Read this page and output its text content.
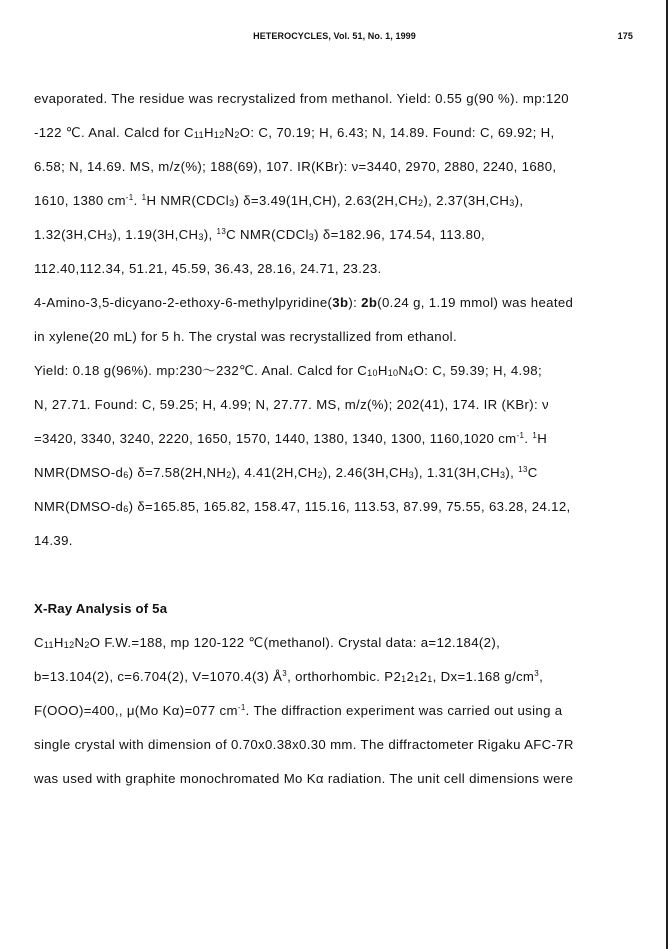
HETEROCYCLES, Vol. 51, No. 1, 1999	175
evaporated. The residue was recrystalized from methanol. Yield: 0.55 g(90 %). mp:120
-122 ℃. Anal. Calcd for $C_{11}H_{12}N_2O$: C, 70.19; H, 6.43; N, 14.89. Found: C, 69.92; H,
6.58; N, 14.69. MS, m/z(%); 188(69), 107. IR(KBr): ν=3440, 2970, 2880, 2240, 1680,
1610, 1380 $cm^{-1}$. $^1$H NMR(CDCl$_3$) δ=3.49(1H,CH), $2.63(2H,CH_2)$, $2.37(3H,CH_3)$,
$1.32(3H,CH_3)$, $1.19(3H,CH_3)$, $^{13}$C NMR(CDCl$_3$) δ=182.96, 174.54, 113.80,
112.40,112.34, 51.21, 45.59, 36.43, 28.16, 24.71, 23.23.
4-Amino-3,5-dicyano-2-ethoxy-6-methylpyridine(3b): 2b(0.24 g, 1.19 mmol) was heated
in xylene(20 mL) for 5 h. The crystal was recrystallized from ethanol.
Yield: 0.18 g(96%). mp:230～232℃. Anal. Calcd for $C_{10}H_{10}N_4O$: C, 59.39; H, 4.98;
N, 27.71. Found: C, 59.25; H, 4.99; N, 27.77. MS, m/z(%); 202(41), 174. IR (KBr): ν
=3420, 3340, 3240, 2220, 1650, 1570, 1440, 1380, 1340, 1300, 1160,1020 $cm^{-1}$. $^1$H
$NMR(DMSO-d_6)$ $\delta=7.58(2H,NH_2)$, $4.41(2H,CH_2)$, $2.46(3H,CH_3)$, $1.31(3H,CH_3)$, $^{13}$C
$NMR(DMSO-d_6)$ δ=165.85, 165.82, 158.47, 115.16, 113.53, 87.99, 75.55, 63.28, 24.12,
14.39.
X-Ray Analysis of 5a
$C_{11}H_{12}N_2O$ F.W.=188, mp 120-122 ℃(methanol). Crystal data: a=12.184(2),
b=13.104(2), c=6.704(2), V=1070.4(3) $Å^3$, orthorhombic. $P2_12_12_1$, Dx=1.168 $g/cm^3$,
F(OOO)=400,, μ(Mo Kα)=077 $cm^{-1}$. The diffraction experiment was carried out using a
single crystal with dimension of 0.70x0.38x0.30 mm. The diffractometer Rigaku AFC-7R
was used with graphite monochromated Mo Kα radiation. The unit cell dimensions were
